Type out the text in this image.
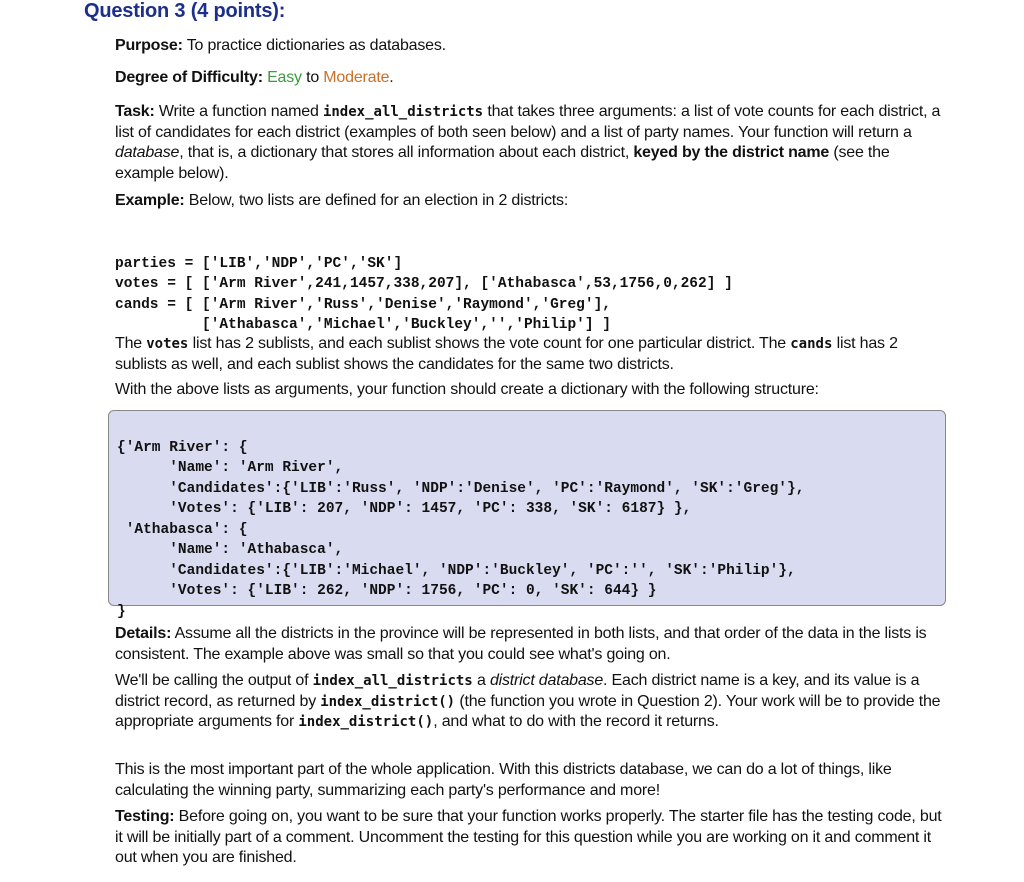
Question 3 (4 points):
Purpose: To practice dictionaries as databases.
Degree of Difficulty: Easy to Moderate.
Task: Write a function named index_all_districts that takes three arguments: a list of vote counts for each district, a list of candidates for each district (examples of both seen below) and a list of party names. Your function will return a database, that is, a dictionary that stores all information about each district, keyed by the district name (see the example below).
Example: Below, two lists are defined for an election in 2 districts:

parties = ['LIB','NDP','PC','SK']
votes = [ ['Arm River',241,1457,338,207], ['Athabasca',53,1756,0,262] ]
cands = [ ['Arm River','Russ','Denise','Raymond','Greg'],
['Athabasca','Michael','Buckley','','Philip'] ]

The votes list has 2 sublists, and each sublist shows the vote count for one particular district. The cands list has 2 sublists as well, and each sublist shows the candidates for the same two districts.
With the above lists as arguments, your function should create a dictionary with the following structure:

{'Arm River': {
'Name': 'Arm River',
'Candidates':{'LIB':'Russ', 'NDP':'Denise', 'PC':'Raymond', 'SK':'Greg'},
'Votes': {'LIB': 207, 'NDP': 1457, 'PC': 338, 'SK': 6187} },
'Athabasca': {
'Name': 'Athabasca',
'Candidates':{'LIB':'Michael', 'NDP':'Buckley', 'PC':'', 'SK':'Philip'},
'Votes': {'LIB': 262, 'NDP': 1756, 'PC': 0, 'SK': 644} }
}

Details: Assume all the districts in the province will be represented in both lists, and that order of the data in the lists is consistent. The example above was small so that you could see what's going on.
We'll be calling the output of index_all_districts a district database. Each district name is a key, and its value is a district record, as returned by index_district() (the function you wrote in Question 2). Your work will be to provide the appropriate arguments for index_district(), and what to do with the record it returns.
This is the most important part of the whole application. With this districts database, we can do a lot of things, like calculating the winning party, summarizing each party's performance and more!
Testing: Before going on, you want to be sure that your function works properly. The starter file has the testing code, but it will be initially part of a comment. Uncomment the testing for this question while you are working on it and comment it out when you are finished.
